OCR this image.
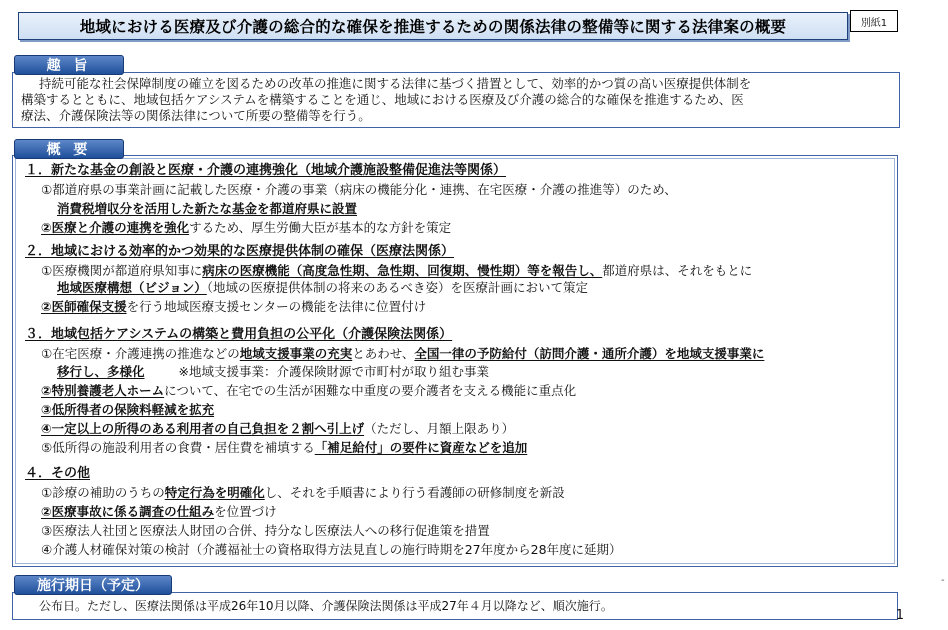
地域における医療及び介護の総合的な確保を推進するための関係法律の整備等に関する法律案の概要	別紙1
趣 旨
持続可能な社会保障制度の確立を図るための改革の推進に関する法律に基づく措置として、効率的かつ質の高い医療提供体制を
構築するとともに、地域包括ケアシステムを構築することを通じ、地域における医療及び介護の総合的な確保を推進するため、医
療法、介護保険法等の関係法律について所要の整備等を行う。
概 要
１．新たな基金の創設と医療・介護の連携強化（地域介護施設整備促進法等関係）
①都道府県の事業計画に記載した医療・介護の事業（病床の機能分化・連携、在宅医療・介護の推進等）のため、
消費税増収分を活用した新たな基金を都道府県に設置
②医療と介護の連携を強化するため、厚生労働大臣が基本的な方針を策定
２．地域における効率的かつ効果的な医療提供体制の確保（医療法関係）
①医療機関が都道府県知事に病床の医療機能（高度急性期、急性期、回復期、慢性期）等を報告し、都道府県は、それをもとに
地域医療構想（ビジョン）（地域の医療提供体制の将来のあるべき姿）を医療計画において策定
②医師確保支援を行う地域医療支援センターの機能を法律に位置付け
３．地域包括ケアシステムの構築と費用負担の公平化（介護保険法関係）
①在宅医療・介護連携の推進などの地域支援事業の充実とあわせ、全国一律の予防給付（訪問介護・通所介護）を地域支援事業に
移行し、多様化	※地域支援事業：介護保険財源で市町村が取り組む事業
②特別養護老人ホームについて、在宅での生活が困難な中重度の要介護者を支える機能に重点化
③低所得者の保険料軽減を拡充
④一定以上の所得のある利用者の自己負担を２割へ引上げ（ただし、月額上限あり）
⑤低所得の施設利用者の食費・居住費を補填する「補足給付」の要件に資産などを追加
４．その他
①診療の補助のうちの特定行為を明確化し、それを手順書により行う看護師の研修制度を新設
②医療事故に係る調査の仕組みを位置づけ
③医療法人社団と医療法人財団の合併、持分なし医療法人への移行促進策を措置
④介護人材確保対策の検討（介護福祉士の資格取得方法見直しの施行時期を27年度から28年度に延期）
施行期日（予定）
公布日。ただし、医療法関係は平成26年10月以降、介護保険法関係は平成27年４月以降など、順次施行。
-
1
